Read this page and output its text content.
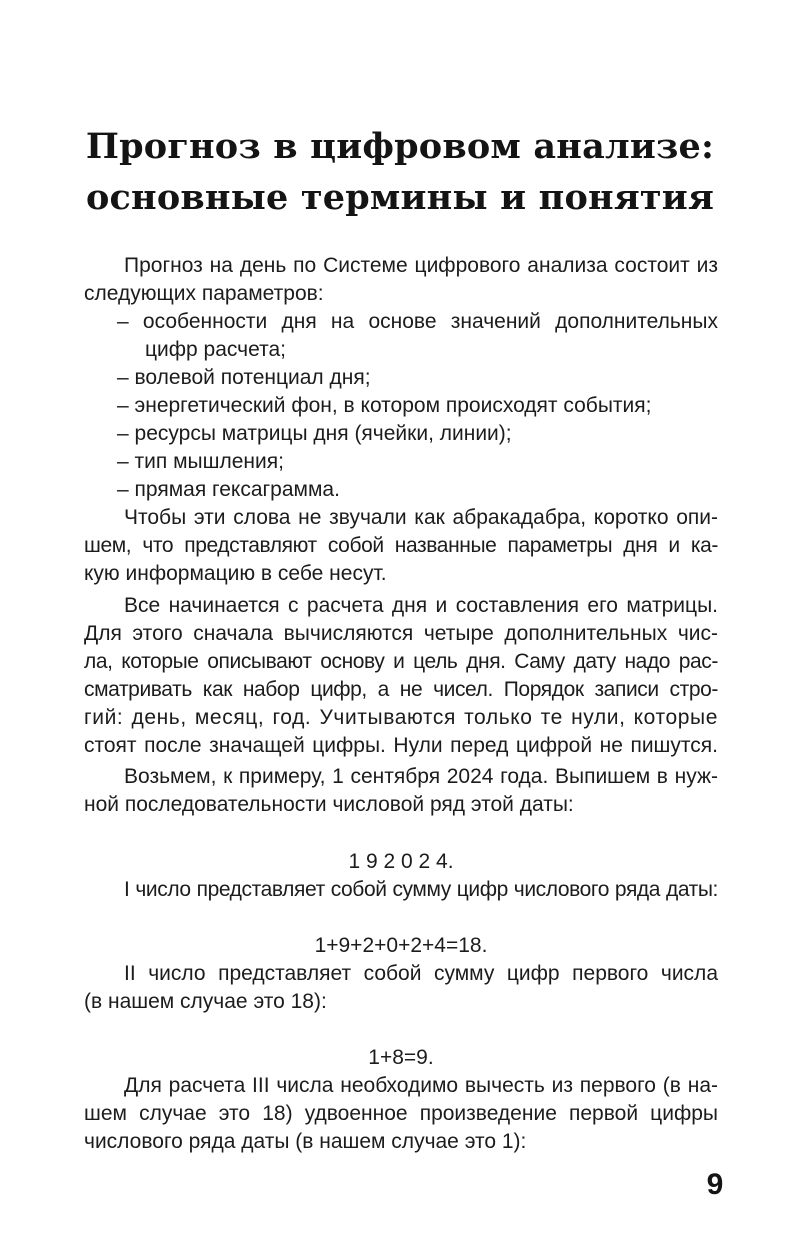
Прогноз в цифровом анализе:
основные термины и понятия
Прогноз на день по Системе цифрового анализа состоит из
следующих параметров:
– особенности дня на основе значений дополнительных
цифр расчета;
– волевой потенциал дня;
– энергетический фон, в котором происходят события;
– ресурсы матрицы дня (ячейки, линии);
– тип мышления;
– прямая гексаграмма.
Чтобы эти слова не звучали как абракадабра, коротко опи-
шем, что представляют собой названные параметры дня и ка-
кую информацию в себе несут.
Все начинается с расчета дня и составления его матрицы.
Для этого сначала вычисляются четыре дополнительных чис-
ла, которые описывают основу и цель дня. Саму дату надо рас-
сматривать как набор цифр, а не чисел. Порядок записи стро-
гий: день, месяц, год. Учитываются только те нули, которые
стоят после значащей цифры. Нули перед цифрой не пишутся.
Возьмем, к примеру, 1 сентября 2024 года. Выпишем в нуж-
ной последовательности числовой ряд этой даты:
1 9 2 0 2 4.
I число представляет собой сумму цифр числового ряда даты:
1+9+2+0+2+4=18.
II число представляет собой сумму цифр первого числа
(в нашем случае это 18):
1+8=9.
Для расчета III числа необходимо вычесть из первого (в на-
шем случае это 18) удвоенное произведение первой цифры
числового ряда даты (в нашем случае это 1):
9
